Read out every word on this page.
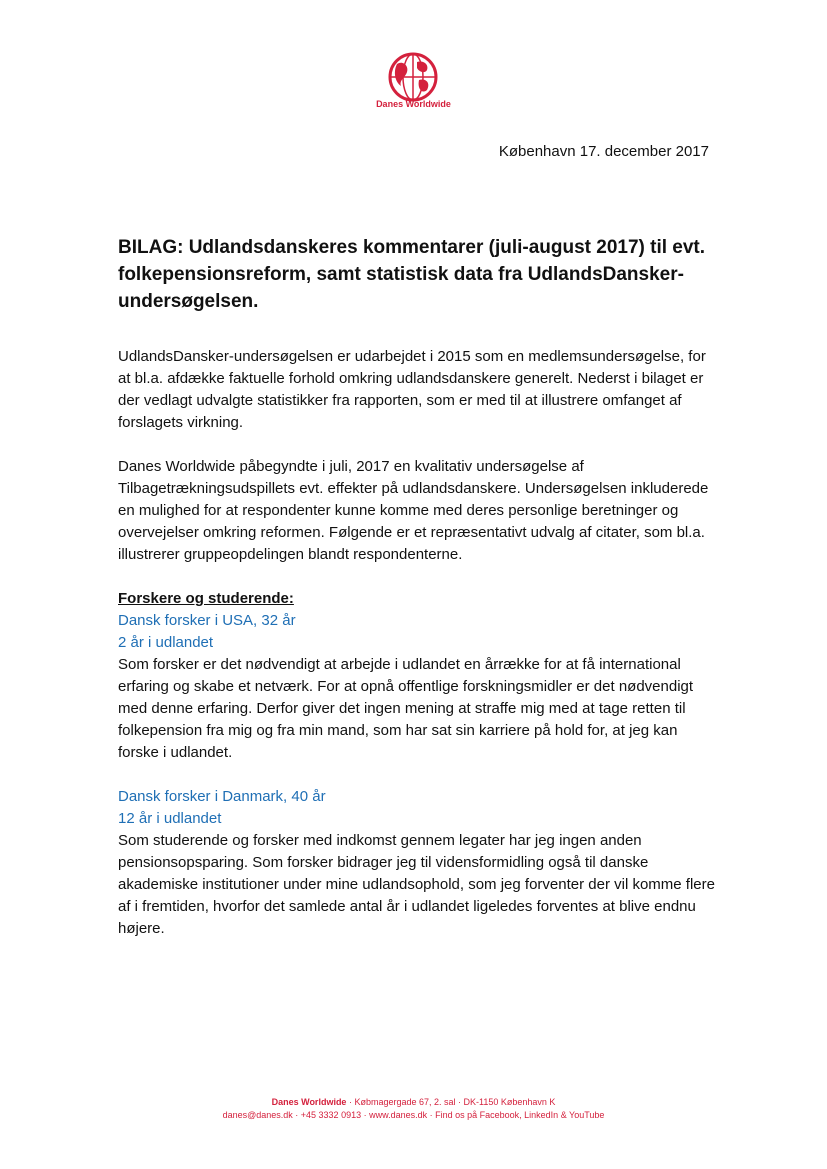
Danes Worldwide
København 17. december 2017
BILAG: Udlandsdanskeres kommentarer (juli-august 2017) til evt. folkepensionsreform, samt statistisk data fra UdlandsDansker-undersøgelsen.

UdlandsDansker-undersøgelsen er udarbejdet i 2015 som en medlemsundersøgelse, for at bl.a. afdække faktuelle forhold omkring udlandsdanskere generelt. Nederst i bilaget er der vedlagt udvalgte statistikker fra rapporten, som er med til at illustrere omfanget af forslagets virkning.

Danes Worldwide påbegyndte i juli, 2017 en kvalitativ undersøgelse af Tilbagetrækningsudspillets evt. effekter på udlandsdanskere. Undersøgelsen inkluderede en mulighed for at respondenter kunne komme med deres personlige beretninger og overvejelser omkring reformen. Følgende er et repræsentativt udvalg af citater, som bl.a. illustrerer gruppeopdelingen blandt respondenterne.

Forskere og studerende:

Dansk forsker i USA, 32 år

2 år i udlandet

Som forsker er det nødvendigt at arbejde i udlandet en årrække for at få international erfaring og skabe et netværk. For at opnå offentlige forskningsmidler er det nødvendigt med denne erfaring. Derfor giver det ingen mening at straffe mig med at tage retten til folkepension fra mig og fra min mand, som har sat sin karriere på hold for, at jeg kan forske i udlandet.

Dansk forsker i Danmark, 40 år

12 år i udlandet

Som studerende og forsker med indkomst gennem legater har jeg ingen anden pensionsopsparing. Som forsker bidrager jeg til vidensformidling også til danske akademiske institutioner under mine udlandsophold, som jeg forventer der vil komme flere af i fremtiden, hvorfor det samlede antal år i udlandet ligeledes forventes at blive endnu højere.

Danes Worldwide · Købmagergade 67, 2. sal · DK-1150 København K
danes@danes.dk · +45 3332 0913 · www.danes.dk · Find os på Facebook, LinkedIn & YouTube
